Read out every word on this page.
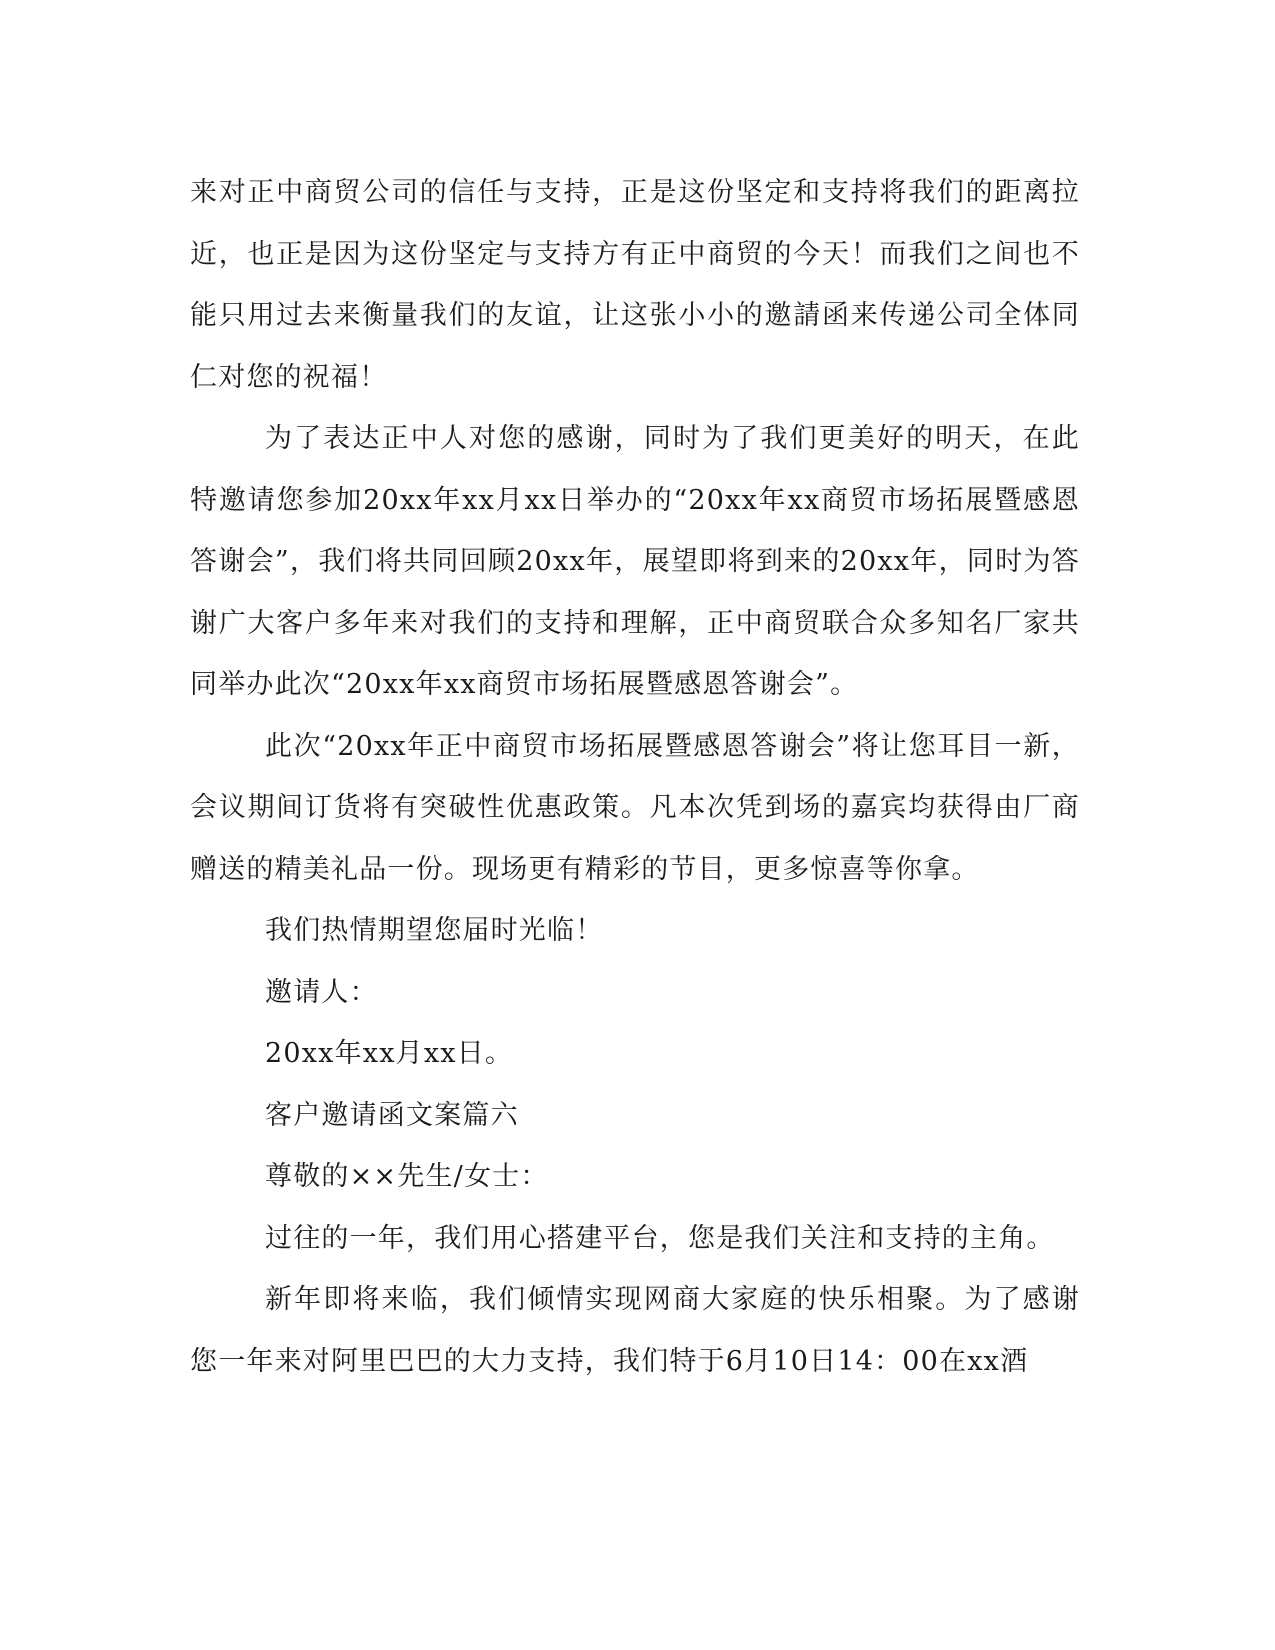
来对正中商贸公司的信任与支持，正是这份坚定和支持将我们的距离拉近，也正是因为这份坚定与支持方有正中商贸的今天！而我们之间也不能只用过去来衡量我们的友谊，让这张小小的邀請函来传递公司全体同仁对您的祝福！

为了表达正中人对您的感谢，同时为了我们更美好的明天，在此特邀请您参加20xx年xx月xx日举办的“20xx年xx商贸市场拓展暨感恩答谢会”，我们将共同回顾20xx年，展望即将到来的20xx年，同时为答谢广大客户多年来对我们的支持和理解，正中商贸联合众多知名厂家共同举办此次“20xx年xx商贸市场拓展暨感恩答谢会”。

此次“20xx年正中商贸市场拓展暨感恩答谢会”将让您耳目一新，会议期间订货将有突破性优惠政策。凡本次凭到场的嘉宾均获得由厂商赠送的精美礼品一份。现场更有精彩的节目，更多惊喜等你拿。

我们热情期望您届时光临！

邀请人：

20xx年xx月xx日。

客户邀请函文案篇六

尊敬的××先生/女士：

过往的一年，我们用心搭建平台，您是我们关注和支持的主角。

新年即将来临，我们倾情实现网商大家庭的快乐相聚。为了感谢您一年来对阿里巴巴的大力支持，我们特于6月10日14：00在xx酒
